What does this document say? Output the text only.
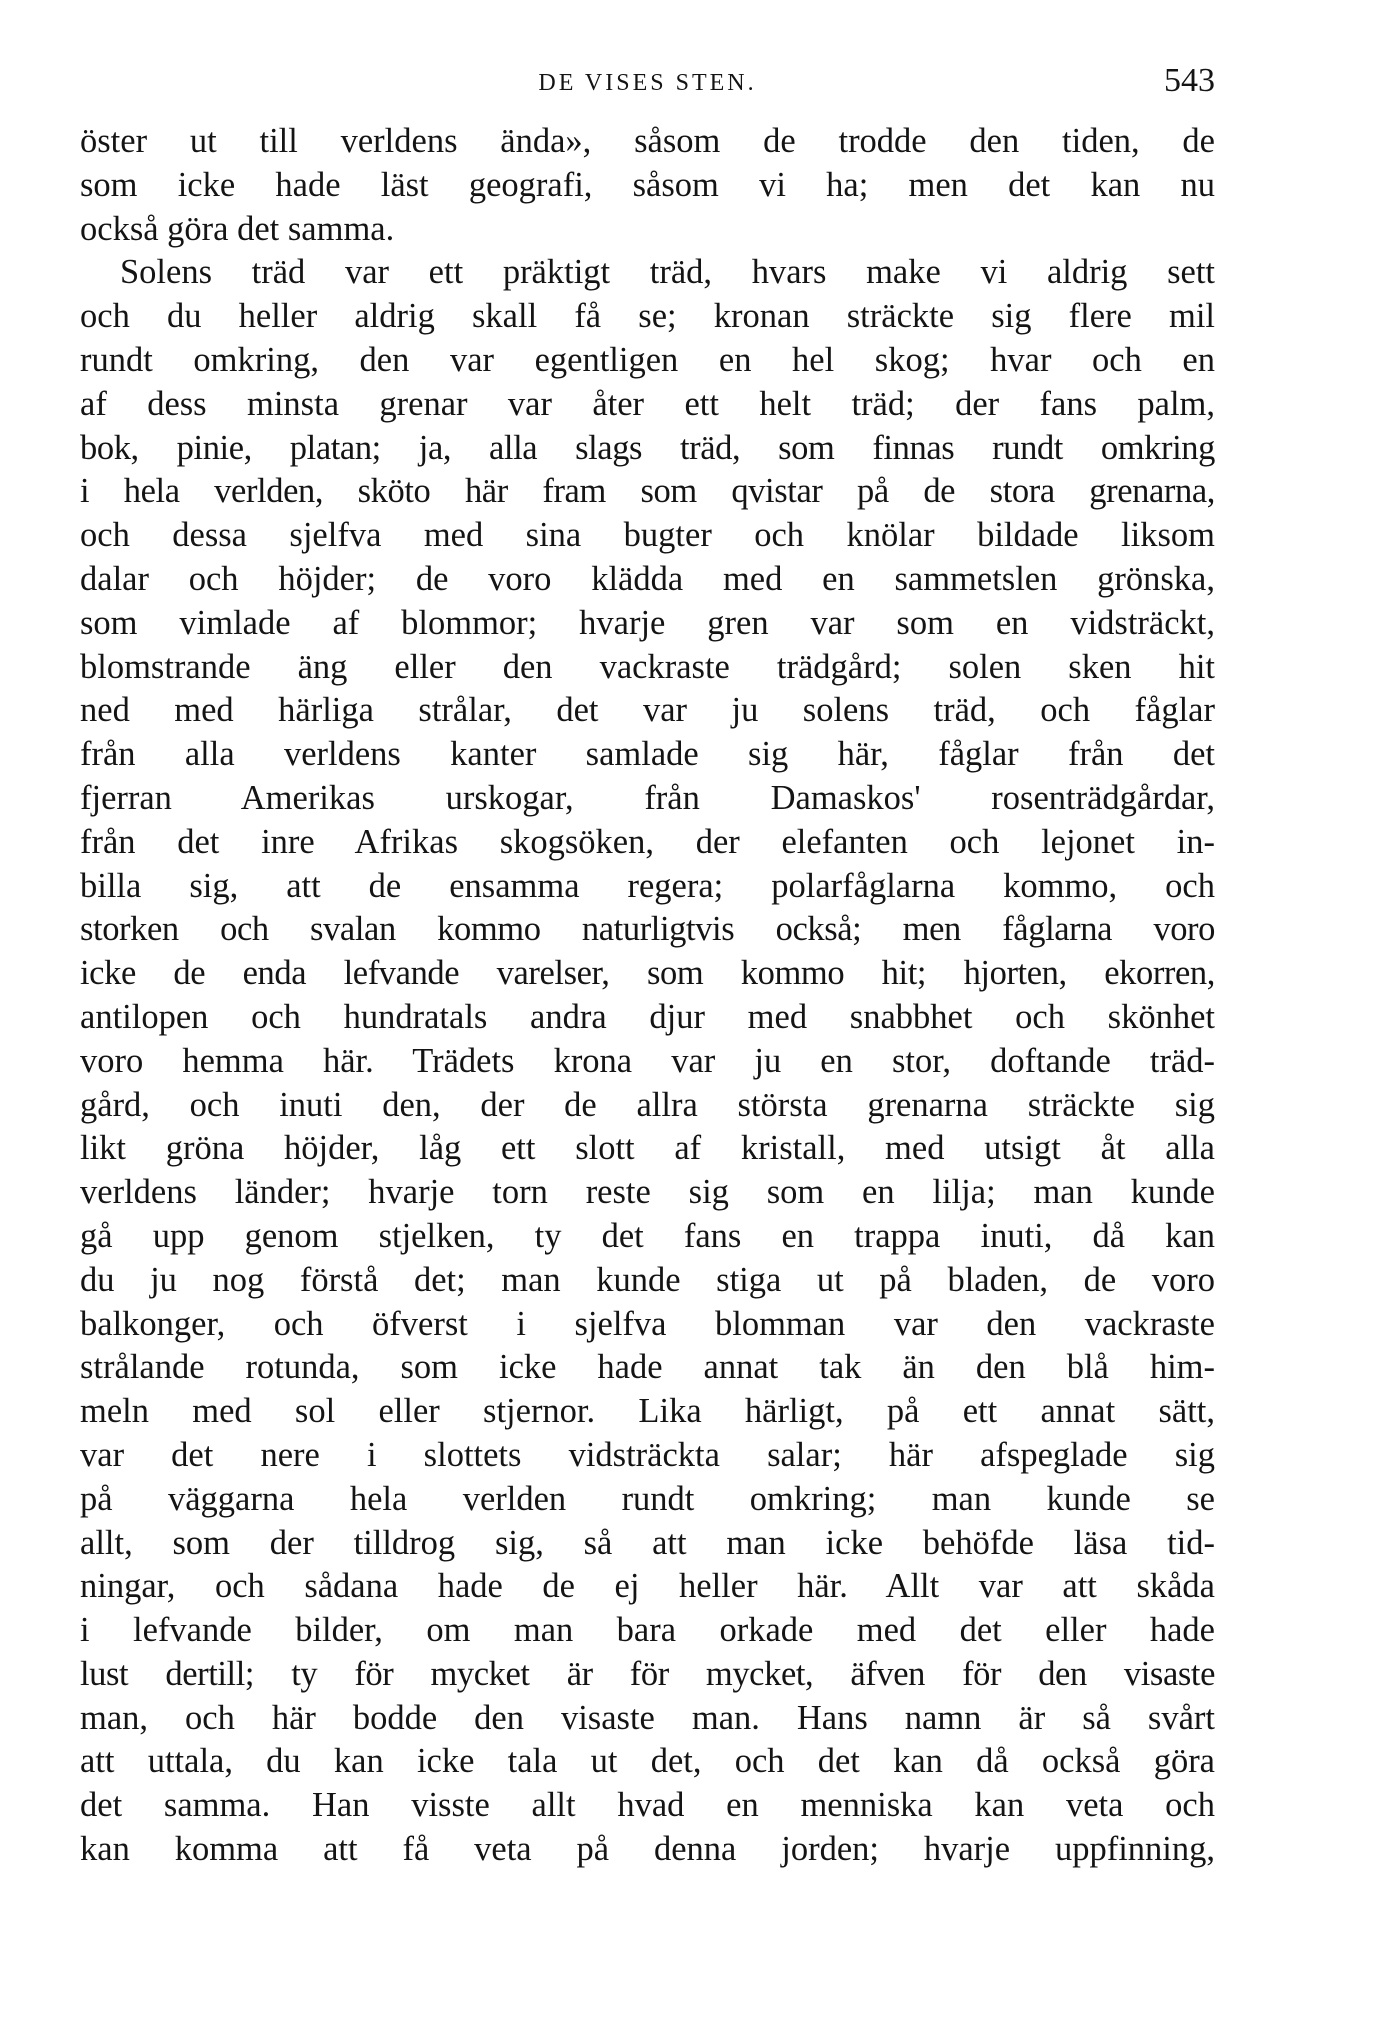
DE VISES STEN.	543
öster ut till verldens ända», såsom de trodde den tiden, de
som icke hade läst geografi, såsom vi ha; men det kan nu
också göra det samma.
Solens träd var ett präktigt träd, hvars make vi aldrig sett
och du heller aldrig skall få se; kronan sträckte sig flere mil
rundt omkring, den var egentligen en hel skog; hvar och en
af dess minsta grenar var åter ett helt träd; der fans palm,
bok, pinie, platan; ja, alla slags träd, som finnas rundt omkring
i hela verlden, sköto här fram som qvistar på de stora grenarna,
och dessa sjelfva med sina bugter och knölar bildade liksom
dalar och höjder; de voro klädda med en sammetslen grönska,
som vimlade af blommor; hvarje gren var som en vidsträckt,
blomstrande äng eller den vackraste trädgård; solen sken hit
ned med härliga strålar, det var ju solens träd, och fåglar
från alla verldens kanter samlade sig här, fåglar från det
fjerran Amerikas urskogar, från Damaskos' rosenträdgårdar,
från det inre Afrikas skogsöken, der elefanten och lejonet in-
billa sig, att de ensamma regera; polarfåglarna kommo, och
storken och svalan kommo naturligtvis också; men fåglarna voro
icke de enda lefvande varelser, som kommo hit; hjorten, ekorren,
antilopen och hundratals andra djur med snabbhet och skönhet
voro hemma här. Trädets krona var ju en stor, doftande träd-
gård, och inuti den, der de allra största grenarna sträckte sig
likt gröna höjder, låg ett slott af kristall, med utsigt åt alla
verldens länder; hvarje torn reste sig som en lilja; man kunde
gå upp genom stjelken, ty det fans en trappa inuti, då kan
du ju nog förstå det; man kunde stiga ut på bladen, de voro
balkonger, och öfverst i sjelfva blomman var den vackraste
strålande rotunda, som icke hade annat tak än den blå him-
meln med sol eller stjernor. Lika härligt, på ett annat sätt,
var det nere i slottets vidsträckta salar; här afspeglade sig
på väggarna hela verlden rundt omkring; man kunde se
allt, som der tilldrog sig, så att man icke behöfde läsa tid-
ningar, och sådana hade de ej heller här. Allt var att skåda
i lefvande bilder, om man bara orkade med det eller hade
lust dertill; ty för mycket är för mycket, äfven för den visaste
man, och här bodde den visaste man. Hans namn är så svårt
att uttala, du kan icke tala ut det, och det kan då också göra
det samma. Han visste allt hvad en menniska kan veta och
kan komma att få veta på denna jorden; hvarje uppfinning,
